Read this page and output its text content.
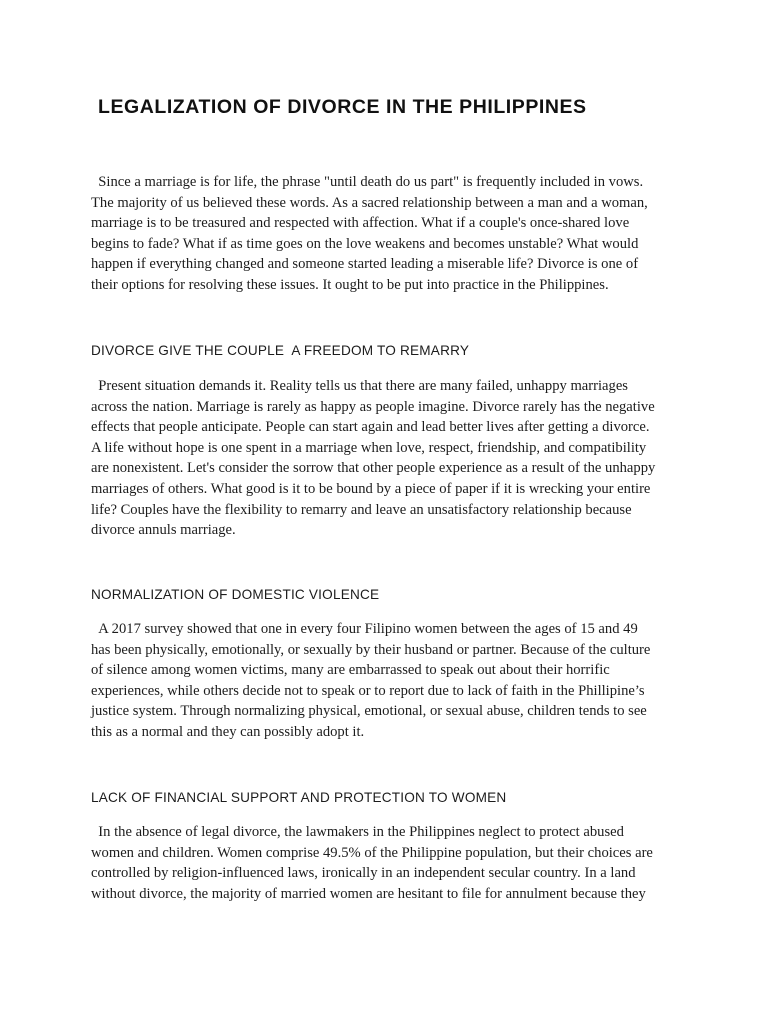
LEGALIZATION OF DIVORCE IN THE PHILIPPINES

Since a marriage is for life, the phrase "until death do us part" is frequently included in vows.
The majority of us believed these words. As a sacred relationship between a man and a woman,
marriage is to be treasured and respected with affection. What if a couple's once-shared love
begins to fade? What if as time goes on the love weakens and becomes unstable? What would
happen if everything changed and someone started leading a miserable life? Divorce is one of
their options for resolving these issues. It ought to be put into practice in the Philippines.

DIVORCE GIVE THE COUPLE  A FREEDOM TO REMARRY

Present situation demands it. Reality tells us that there are many failed, unhappy marriages
across the nation. Marriage is rarely as happy as people imagine. Divorce rarely has the negative
effects that people anticipate. People can start again and lead better lives after getting a divorce.
A life without hope is one spent in a marriage when love, respect, friendship, and compatibility
are nonexistent. Let's consider the sorrow that other people experience as a result of the unhappy
marriages of others. What good is it to be bound by a piece of paper if it is wrecking your entire
life? Couples have the flexibility to remarry and leave an unsatisfactory relationship because
divorce annuls marriage.

NORMALIZATION OF DOMESTIC VIOLENCE

A 2017 survey showed that one in every four Filipino women between the ages of 15 and 49
has been physically, emotionally, or sexually by their husband or partner. Because of the culture
of silence among women victims, many are embarrassed to speak out about their horrific
experiences, while others decide not to speak or to report due to lack of faith in the Phillipine’s
justice system. Through normalizing physical, emotional, or sexual abuse, children tends to see
this as a normal and they can possibly adopt it.

LACK OF FINANCIAL SUPPORT AND PROTECTION TO WOMEN

In the absence of legal divorce, the lawmakers in the Philippines neglect to protect abused
women and children. Women comprise 49.5% of the Philippine population, but their choices are
controlled by religion-influenced laws, ironically in an independent secular country. In a land
without divorce, the majority of married women are hesitant to file for annulment because they
